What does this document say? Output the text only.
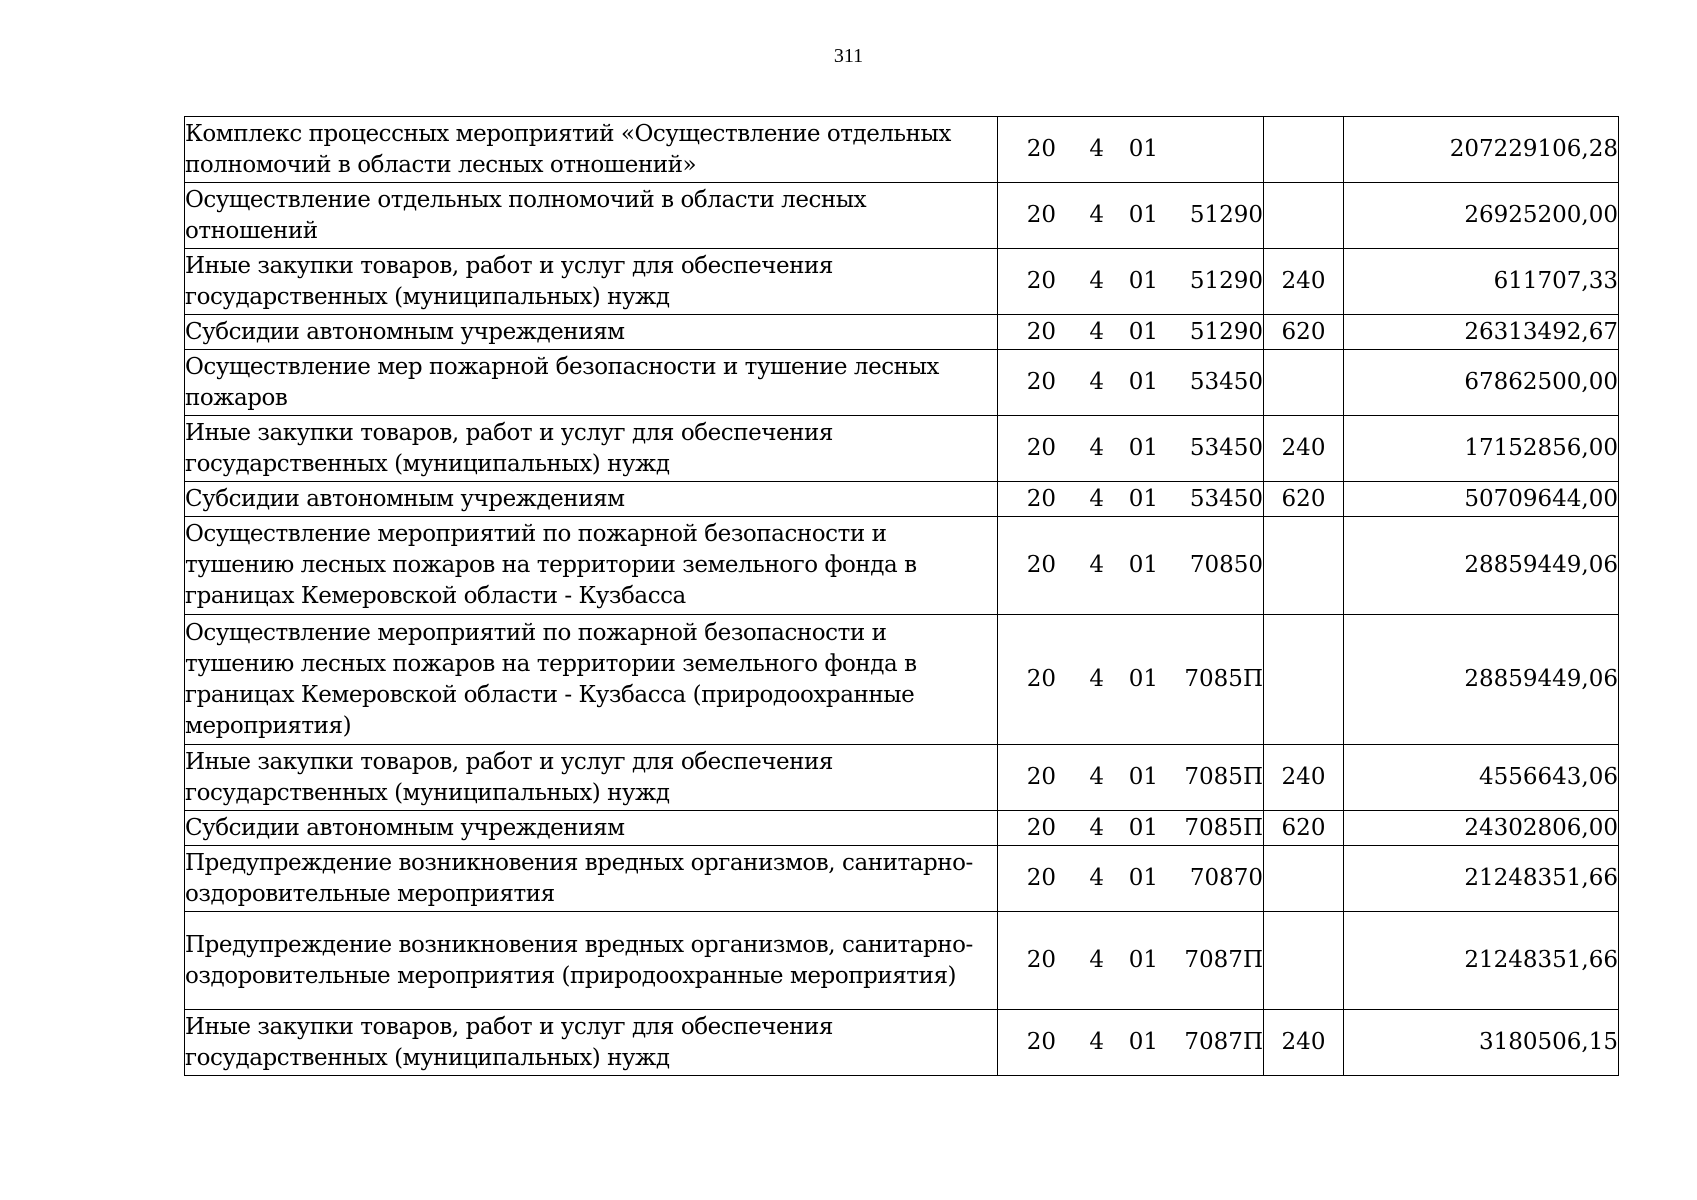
311
Комплекс процессных мероприятий «Осуществление отдельных полномочий в области лесных отношений»	20 4 01		207229106,28
Осуществление отдельных полномочий в области лесных отношений	20 4 01 51290		26925200,00
Иные закупки товаров, работ и услуг для обеспечения государственных (муниципальных) нужд	20 4 01 51290	240	611707,33
Субсидии автономным учреждениям	20 4 01 51290	620	26313492,67
Осуществление мер пожарной безопасности и тушение лесных пожаров	20 4 01 53450		67862500,00
Иные закупки товаров, работ и услуг для обеспечения государственных (муниципальных) нужд	20 4 01 53450	240	17152856,00
Субсидии автономным учреждениям	20 4 01 53450	620	50709644,00
Осуществление мероприятий по пожарной безопасности и тушению лесных пожаров на территории земельного фонда в границах Кемеровской области - Кузбасса	20 4 01 70850		28859449,06
Осуществление мероприятий по пожарной безопасности и тушению лесных пожаров на территории земельного фонда в границах Кемеровской области - Кузбасса (природоохранные мероприятия)	20 4 01 7085П		28859449,06
Иные закупки товаров, работ и услуг для обеспечения государственных (муниципальных) нужд	20 4 01 7085П	240	4556643,06
Субсидии автономным учреждениям	20 4 01 7085П	620	24302806,00
Предупреждение возникновения вредных организмов, санитарно-оздоровительные мероприятия	20 4 01 70870		21248351,66
Предупреждение возникновения вредных организмов, санитарно-оздоровительные мероприятия (природоохранные мероприятия)	20 4 01 7087П		21248351,66
Иные закупки товаров, работ и услуг для обеспечения государственных (муниципальных) нужд	20 4 01 7087П	240	3180506,15
